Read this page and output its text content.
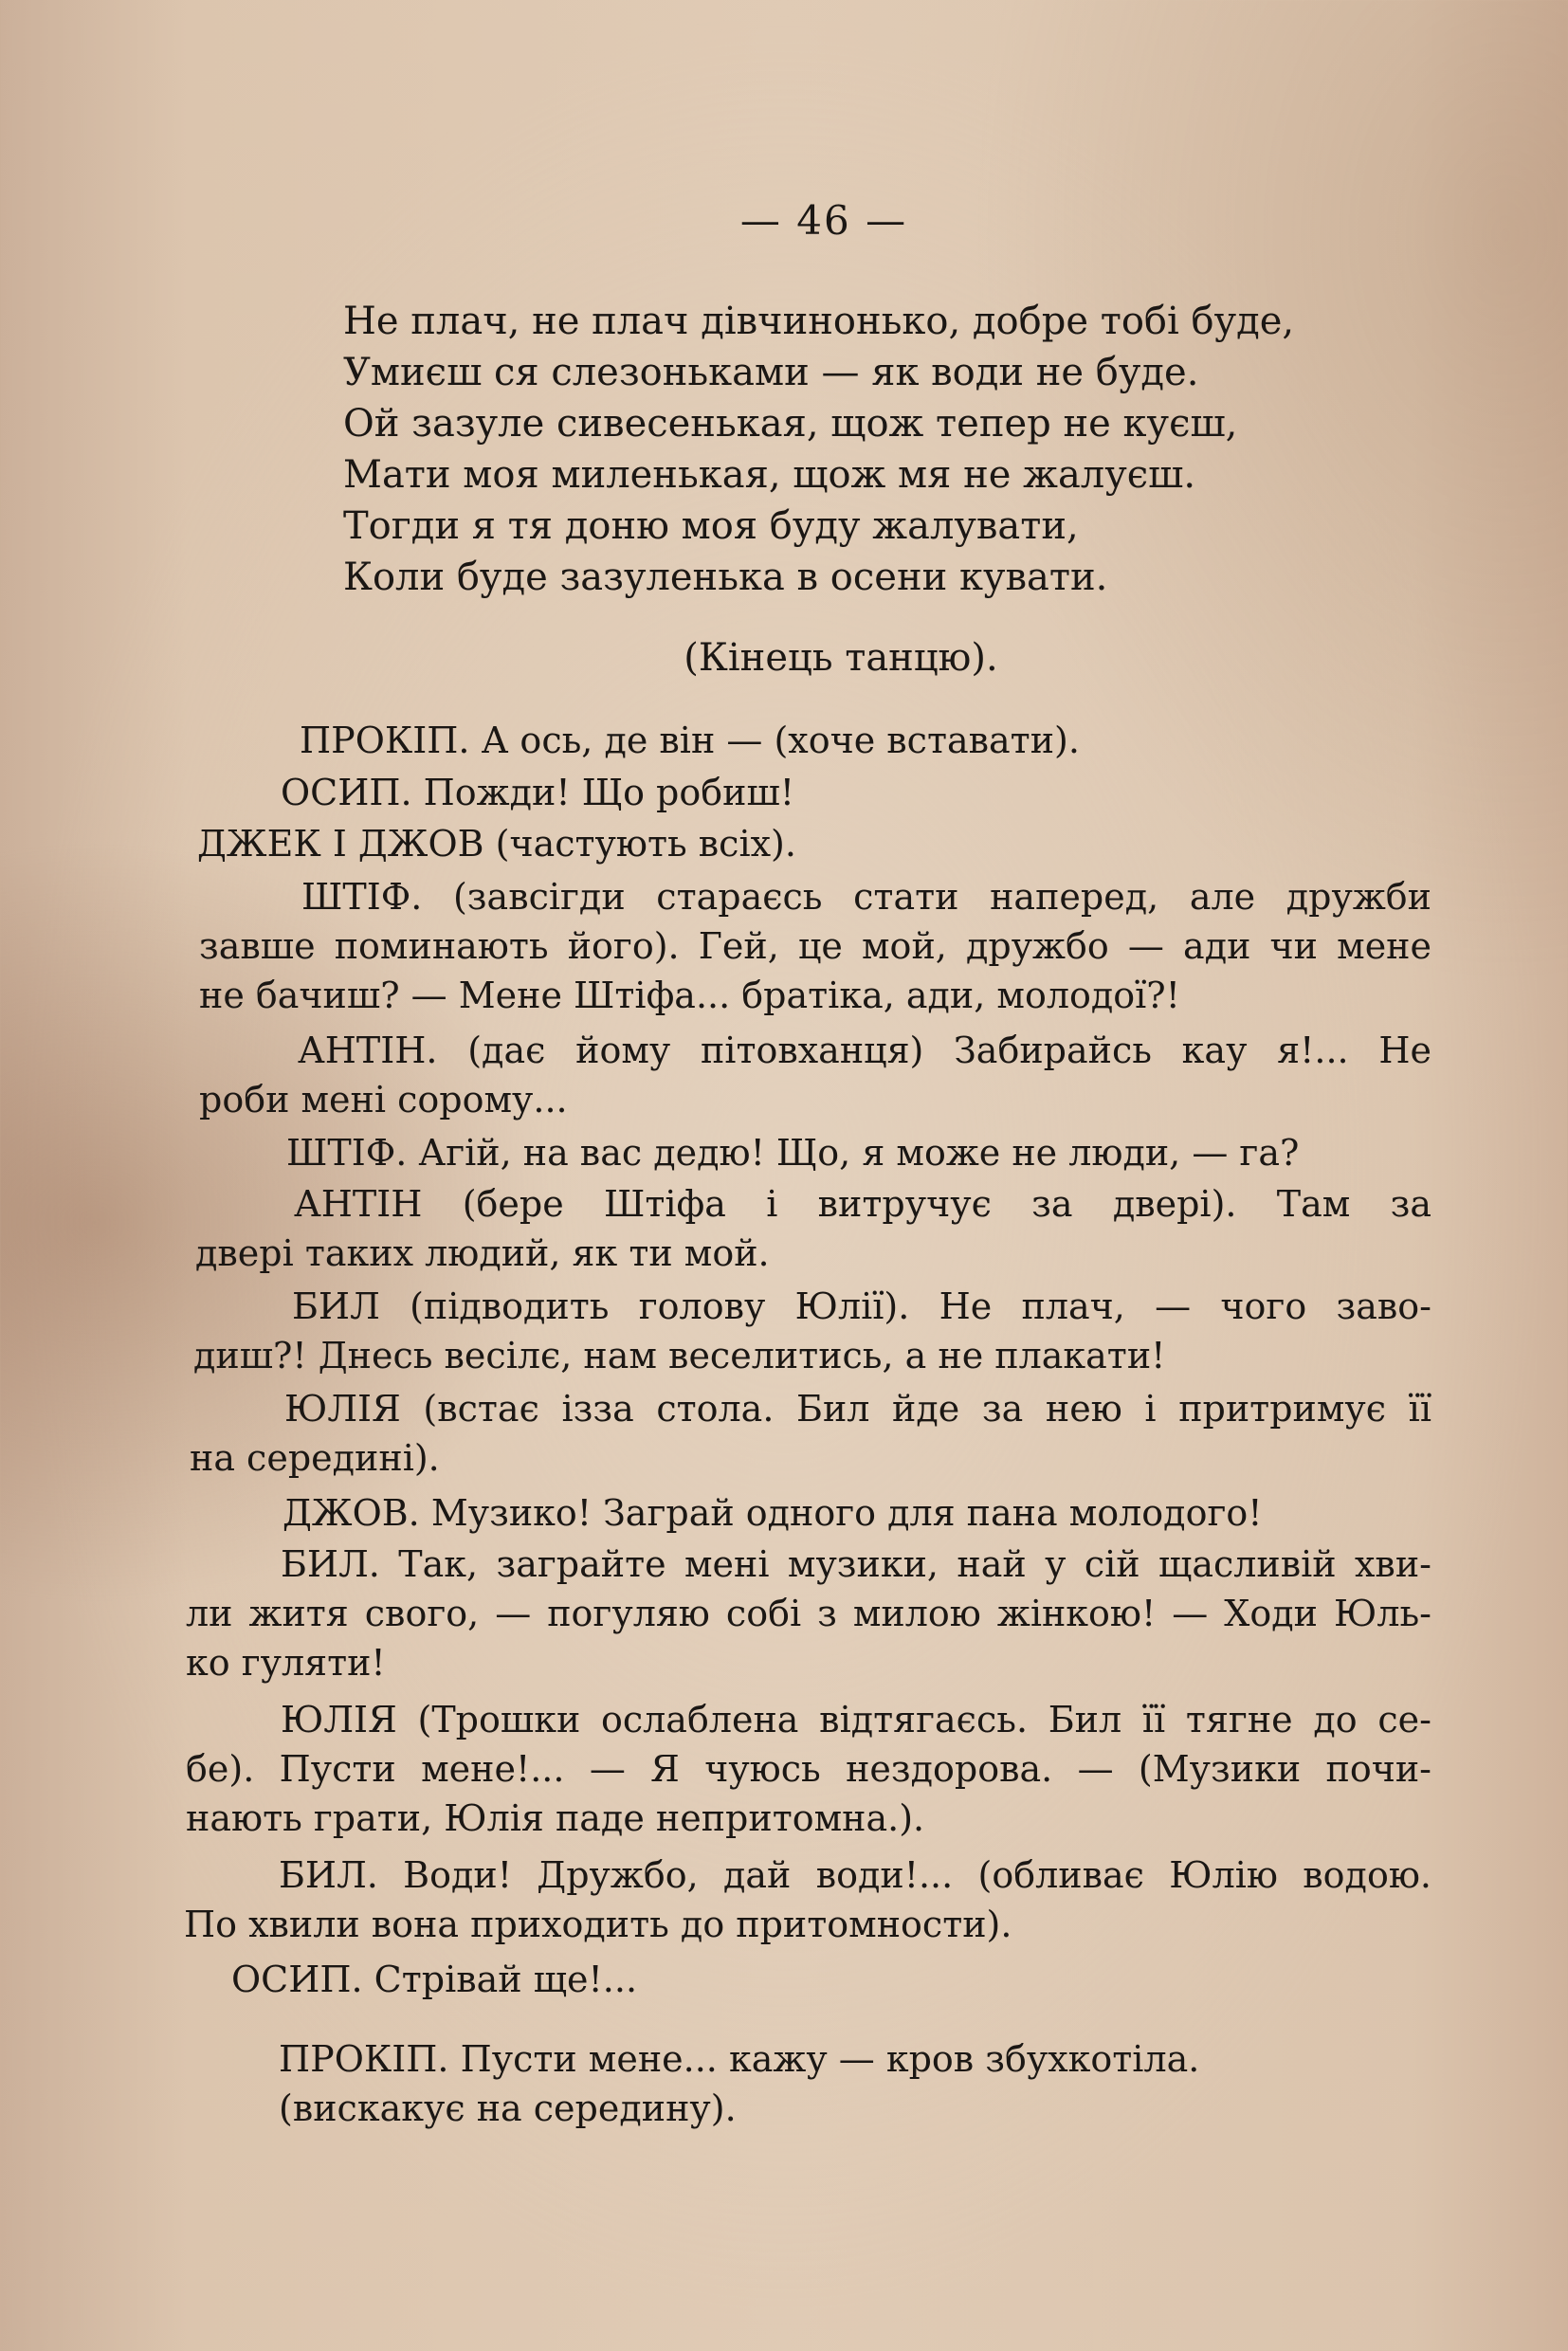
— 46 —
Не плач, не плач дівчинонько, добре тобі буде,
Умиєш ся слезоньками — як води не буде.
Ой зазуле сивесенькая, щож тепер не куєш,
Мати моя миленькая, щож мя не жалуєш.
Тогди я тя доню моя буду жалувати,
Коли буде зазуленька в осени кувати.
(Кінець танцю).
ПРОКІП. А ось, де він — (хоче вставати).
ОСИП. Пожди! Що робиш!
ДЖЕК І ДЖОВ (частують всіх).
ШТІФ. (завсігди стараєсь стати наперед, але дружби
завше поминають його). Гей, це мой, дружбо — ади чи мене
не бачиш? — Мене Штіфа... братіка, ади, молодої?!
АНТІН. (дає йому пітовханця) Забирайсь кау я!... Не
роби мені сорому...
ШТІФ. Агій, на вас дедю! Що, я може не люди, — га?
АНТІН (бере Штіфа і витручує за двері). Там за
двері таких людий, як ти мой.
БИЛ (підводить голову Юлії). Не плач, — чого заво-
диш?! Днесь весілє, нам веселитись, а не плакати!
ЮЛІЯ (встає ізза стола. Бил йде за нею і притримує її
на середині).
ДЖОВ. Музико! Заграй одного для пана молодого!
БИЛ. Так, заграйте мені музики, най у сій щасливій хви-
ли житя свого, — погуляю собі з милою жінкою! — Ходи Юль-
ко гуляти!
ЮЛІЯ (Трошки ослаблена відтягаєсь. Бил її тягне до се-
бе). Пусти мене!... — Я чуюсь нездорова. — (Музики почи-
нають грати, Юлія паде непритомна.).
БИЛ. Води! Дружбо, дай води!... (обливає Юлію водою.
По хвили вона приходить до притомности).
ОСИП. Стрівай ще!...
ПРОКІП. Пусти мене... кажу — кров збухкотіла.
(вискакує на середину).
